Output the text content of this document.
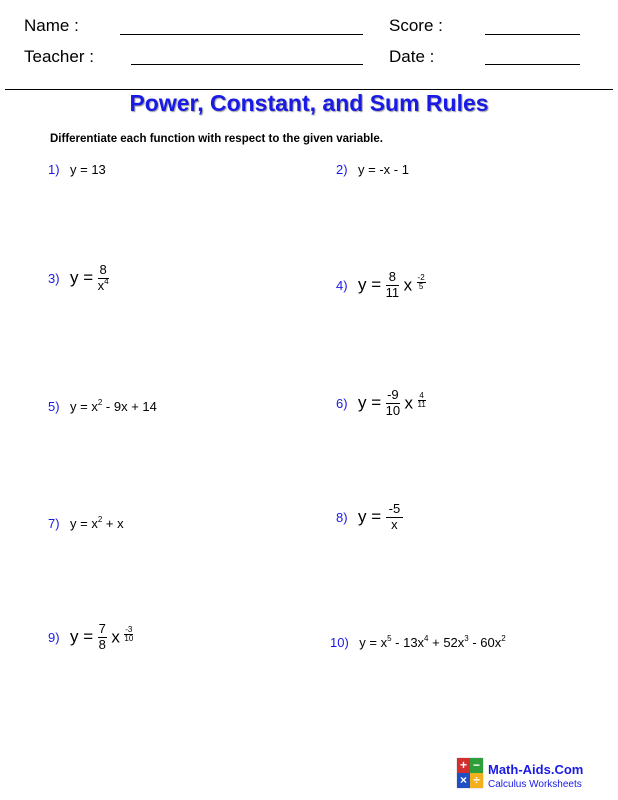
Name :	Score :
Teacher :	Date :
Power, Constant, and Sum Rules
Differentiate each function with respect to the given variable.
1) y = 13	2) y = -x - 1
3) $y = \frac{8}{x^4}$	4) $y = \frac{8}{11}$ x $\frac{-2}{5}$
5) $y = x^2 - 9x + 14$	6) $y = \frac{-9}{10}$ x $\frac{4}{11}$
7) $y = x^2 + x$	8) $y = \frac{-5}{x}$
9) $y = \frac{7}{8}$ x $\frac{-3}{10}$	10) $y = x^5 - 13x^4 + 52x^3 - 60x^2$
+ −
× ÷
Math-Aids.Com
Calculus Worksheets
